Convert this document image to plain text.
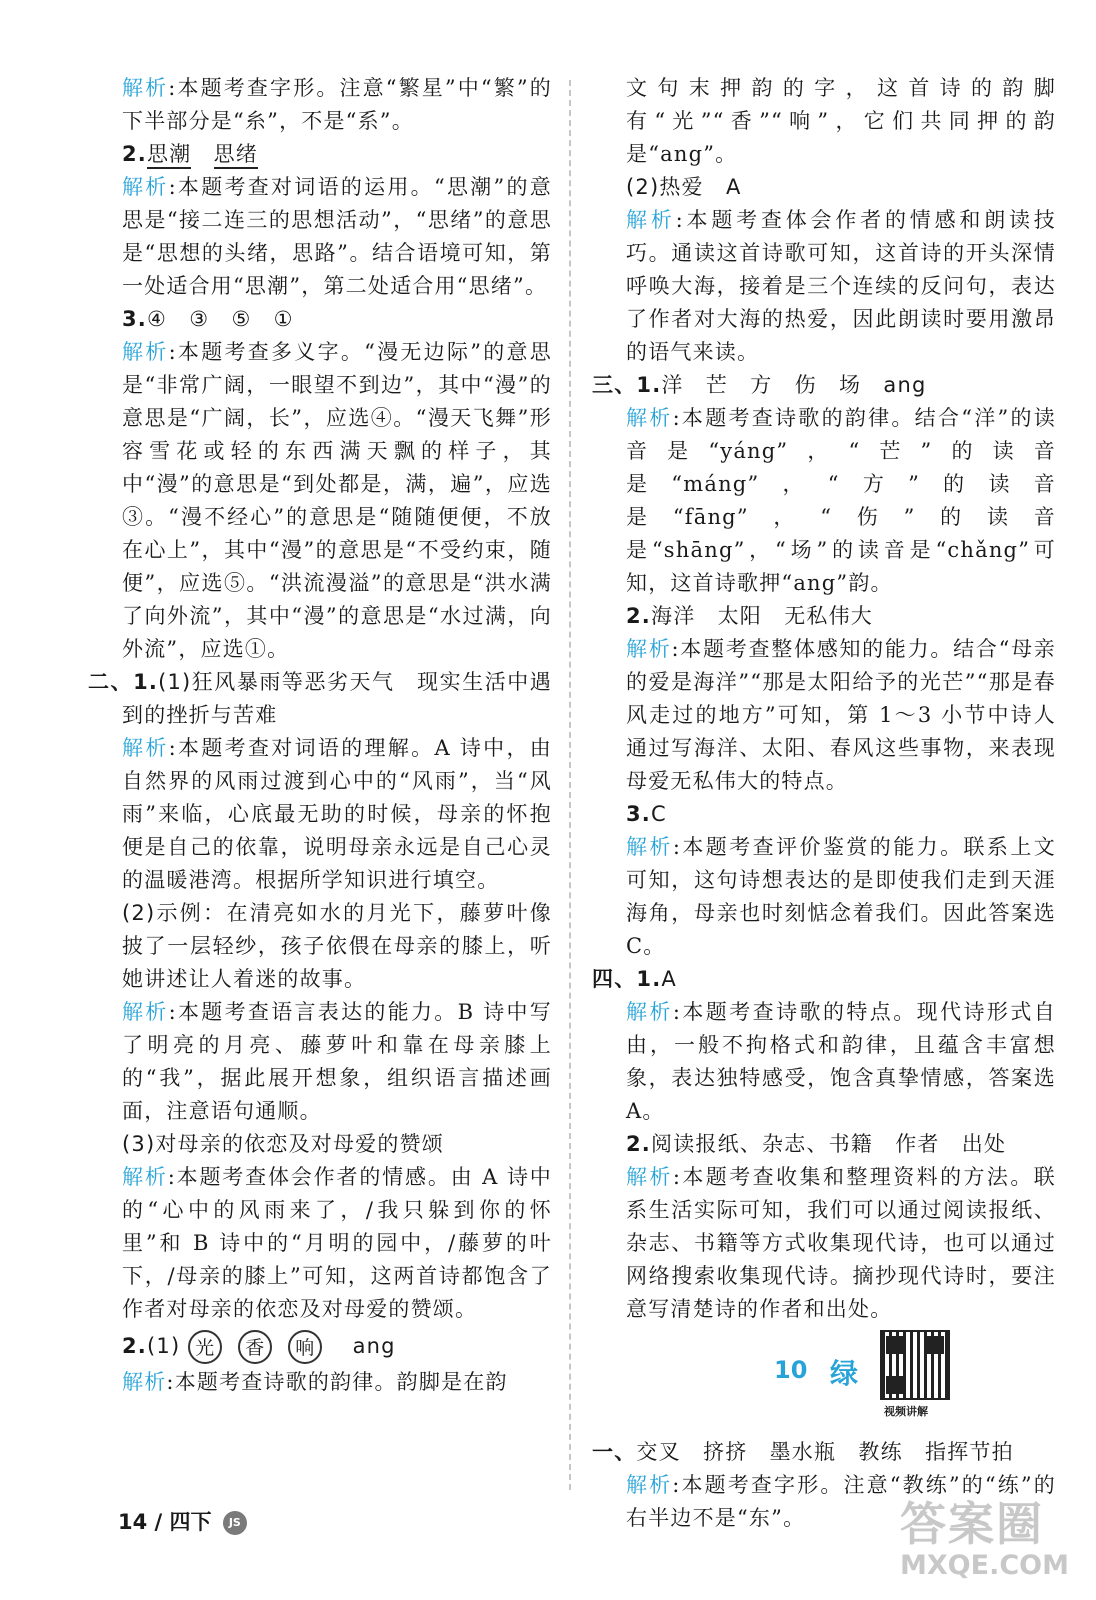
解析:本题考查字形。注意“繁星”中“繁”的下半部分是“糸”，不是“系”。

2.思潮　 思绪

解析:本题考查对词语的运用。“思潮”的意思是“接二连三的思想活动”，“思绪”的意思是“思想的头绪，思路”。结合语境可知，第一处适合用“思潮”，第二处适合用“思绪”。

3.④　③　⑤　①

解析:本题考查多义字。“漫无边际”的意思是“非常广阔，一眼望不到边”，其中“漫”的意思是“广阔，长”，应选④。“漫天飞舞”形容雪花或轻的东西满天飘的样子，其中“漫”的意思是“到处都是，满，遍”，应选③。“漫不经心”的意思是“随随便便，不放在心上”，其中“漫”的意思是“不受约束，随便”，应选⑤。“洪流漫溢”的意思是“洪水满了向外流”，其中“漫”的意思是“水过满，向外流”，应选①。

二、1.(1)狂风暴雨等恶劣天气　现实生活中遇到的挫折与苦难

解析:本题考查对词语的理解。A 诗中，由自然界的风雨过渡到心中的“风雨”，当“风雨”来临，心底最无助的时候，母亲的怀抱便是自己的依靠，说明母亲永远是自己心灵的温暖港湾。根据所学知识进行填空。

(2)示例：在清亮如水的月光下，藤萝叶像披了一层轻纱，孩子依偎在母亲的膝上，听她讲述让人着迷的故事。

解析:本题考查语言表达的能力。B 诗中写了明亮的月亮、藤萝叶和靠在母亲膝上的“我”，据此展开想象，组织语言描述画面，注意语句通顺。

(3)对母亲的依恋及对母爱的赞颂

解析:本题考查体会作者的情感。由 A 诗中的“心中的风雨来了，/我只躲到你的怀里”和 B 诗中的“月明的园中，/藤萝的叶下，/母亲的膝上”可知，这两首诗都饱含了作者对母亲的依恋及对母爱的赞颂。

2.(1) 光 香 响　 ang

解析:本题考查诗歌的韵律。韵脚是在韵

文句末押韵的字，这首诗的韵脚有“光”“香”“响”，它们共同押的韵是“ang”。

(2)热爱　A

解析:本题考查体会作者的情感和朗读技巧。通读这首诗歌可知，这首诗的开头深情呼唤大海，接着是三个连续的反问句，表达了作者对大海的热爱，因此朗读时要用激昂的语气来读。

三、1.洋　芒　方　伤　场　ang

解析:本题考查诗歌的韵律。结合“洋”的读音是“yáng”，“芒”的读音是“máng”，“方”的读音是“fāng”，“伤”的读音是“shāng”，“场”的读音是“chǎng”可知，这首诗歌押“ang”韵。

2.海洋　太阳　无私伟大

解析:本题考查整体感知的能力。结合“母亲的爱是海洋”“那是太阳给予的光芒”“那是春风走过的地方”可知，第 1～3 小节中诗人通过写海洋、太阳、春风这些事物，来表现母爱无私伟大的特点。

3.C

解析:本题考查评价鉴赏的能力。联系上文可知，这句诗想表达的是即使我们走到天涯海角，母亲也时刻惦念着我们。因此答案选 C。

四、1.A

解析:本题考查诗歌的特点。现代诗形式自由，一般不拘格式和韵律，且蕴含丰富想象，表达独特感受，饱含真挚情感，答案选 A。

2.阅读报纸、杂志、书籍　作者　出处

解析:本题考查收集和整理资料的方法。联系生活实际可知，我们可以通过阅读报纸、杂志、书籍等方式收集现代诗，也可以通过网络搜索收集现代诗。摘抄现代诗时，要注意写清楚诗的作者和出处。

10 绿
视频讲解

一、交叉　挤挤　墨水瓶　教练　指挥节拍

解析:本题考查字形。注意“教练”的“练”的右半边不是“东”。

14 / 四下 JS	答案圈
MXQE.COM
